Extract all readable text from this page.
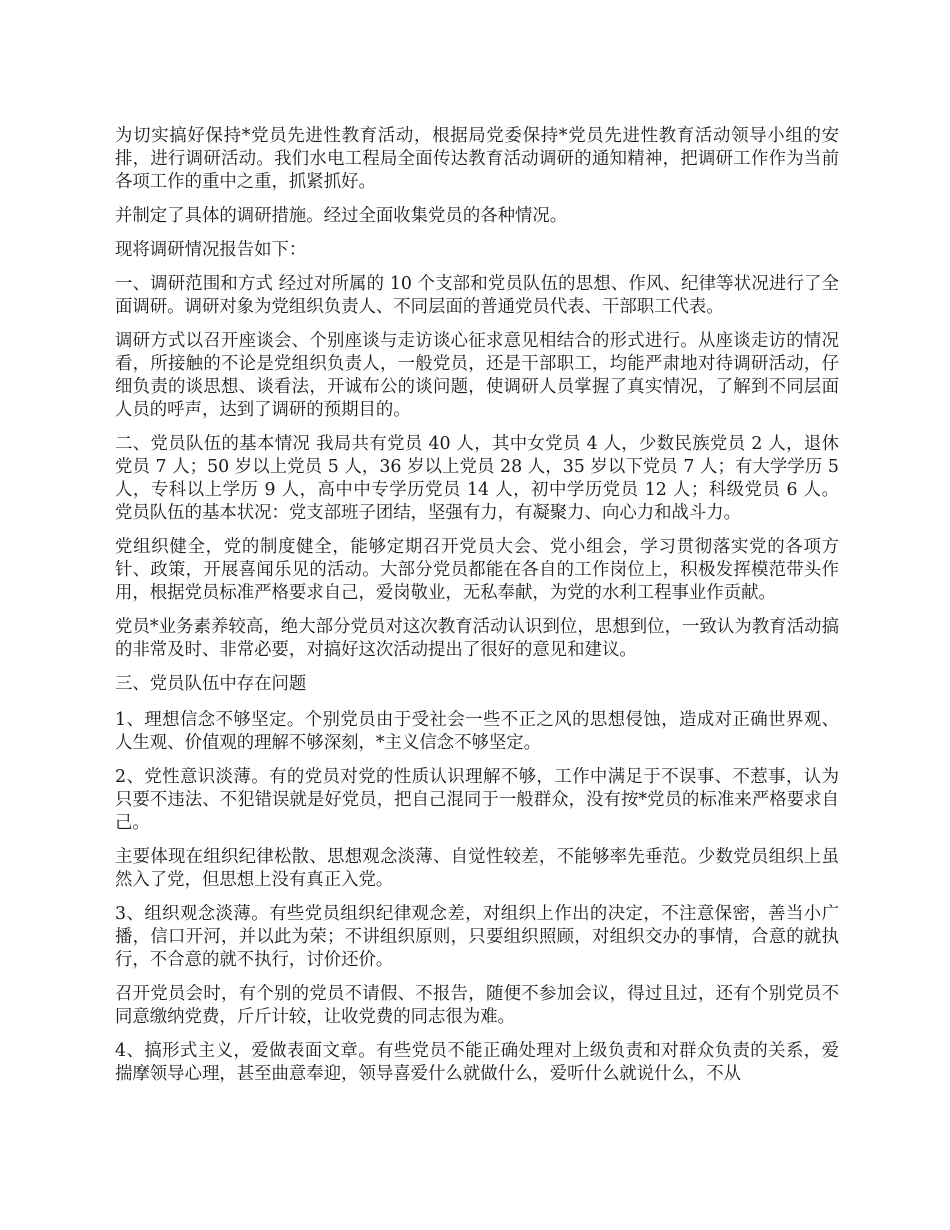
为切实搞好保持*党员先进性教育活动，根据局党委保持*党员先进性教育活动领导小组的安排，进行调研活动。我们水电工程局全面传达教育活动调研的通知精神，把调研工作作为当前各项工作的重中之重，抓紧抓好。

并制定了具体的调研措施。经过全面收集党员的各种情况。

现将调研情况报告如下：

一、调研范围和方式 经过对所属的 10 个支部和党员队伍的思想、作风、纪律等状况进行了全面调研。调研对象为党组织负责人、不同层面的普通党员代表、干部职工代表。

调研方式以召开座谈会、个别座谈与走访谈心征求意见相结合的形式进行。从座谈走访的情况看，所接触的不论是党组织负责人，一般党员，还是干部职工，均能严肃地对待调研活动，仔细负责的谈思想、谈看法，开诚布公的谈问题，使调研人员掌握了真实情况，了解到不同层面人员的呼声，达到了调研的预期目的。

二、党员队伍的基本情况 我局共有党员 40 人，其中女党员 4 人，少数民族党员 2 人，退休党员 7 人；50 岁以上党员 5 人，36 岁以上党员 28 人，35 岁以下党员 7 人；有大学学历 5 人，专科以上学历 9 人，高中中专学历党员 14 人，初中学历党员 12 人；科级党员 6 人。 党员队伍的基本状况：党支部班子团结，坚强有力，有凝聚力、向心力和战斗力。

党组织健全，党的制度健全，能够定期召开党员大会、党小组会，学习贯彻落实党的各项方针、政策，开展喜闻乐见的活动。大部分党员都能在各自的工作岗位上，积极发挥模范带头作用，根据党员标准严格要求自己，爱岗敬业，无私奉献，为党的水利工程事业作贡献。

党员*业务素养较高，绝大部分党员对这次教育活动认识到位，思想到位，一致认为教育活动搞的非常及时、非常必要，对搞好这次活动提出了很好的意见和建议。

三、党员队伍中存在问题

1、理想信念不够坚定。个别党员由于受社会一些不正之风的思想侵蚀，造成对正确世界观、人生观、价值观的理解不够深刻，*主义信念不够坚定。

2、党性意识淡薄。有的党员对党的性质认识理解不够，工作中满足于不误事、不惹事，认为只要不违法、不犯错误就是好党员，把自己混同于一般群众，没有按*党员的标准来严格要求自己。

主要体现在组织纪律松散、思想观念淡薄、自觉性较差，不能够率先垂范。少数党员组织上虽然入了党，但思想上没有真正入党。

3、组织观念淡薄。有些党员组织纪律观念差，对组织上作出的决定，不注意保密，善当小广播，信口开河，并以此为荣；不讲组织原则，只要组织照顾，对组织交办的事情，合意的就执行，不合意的就不执行，讨价还价。

召开党员会时，有个别的党员不请假、不报告，随便不参加会议，得过且过，还有个别党员不同意缴纳党费，斤斤计较，让收党费的同志很为难。

4、搞形式主义，爱做表面文章。有些党员不能正确处理对上级负责和对群众负责的关系，爱揣摩领导心理，甚至曲意奉迎，领导喜爱什么就做什么，爱听什么就说什么，不从
